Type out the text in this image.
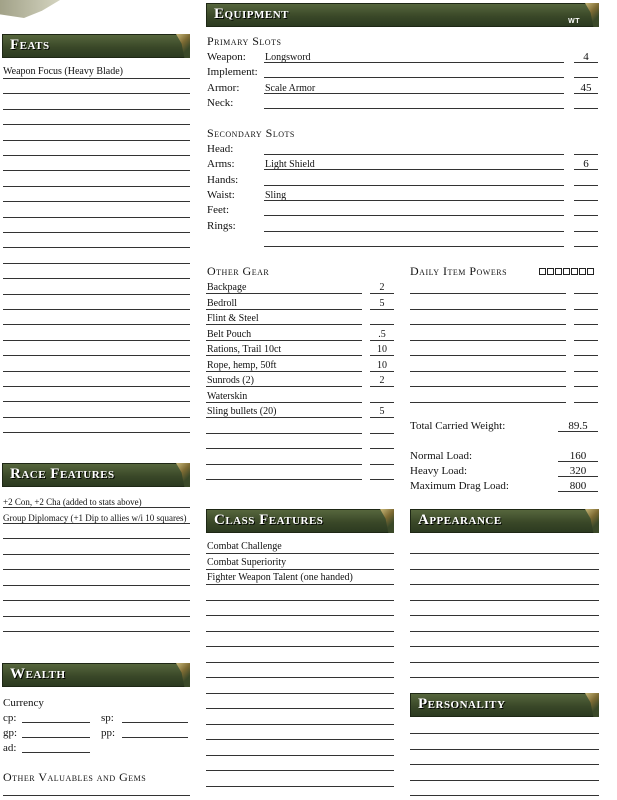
Feats
Weapon Focus (Heavy Blade)
Race Features
+2 Con, +2 Cha (added to stats above)
Group Diplomacy (+1 Dip to allies w/i 10 squares)
Wealth
Currency
cp:	sp:
gp:	pp:
ad:
Other Valuables and Gems
Equipment	WT
Primary Slots
Weapon: Longsword	4
Implement:
Armor:	Scale Armor	45
Neck:
Secondary Slots
Head:
Arms:	Light Shield	6
Hands:
Waist:	Sling
Feet:
Rings:
Other Gear
Backpage	2
Bedroll	5
Flint & Steel
Belt Pouch	.5
Rations, Trail 10ct	10
Rope, hemp, 50ft	10
Sunrods (2)	2
Waterskin
Sling bullets (20)	5
Daily Item Powers
Total Carried Weight:	89.5
Normal Load:	160
Heavy Load:	320
Maximum Drag Load:	800
Class Features
Combat Challenge
Combat Superiority
Fighter Weapon Talent (one handed)
Appearance
Personality
